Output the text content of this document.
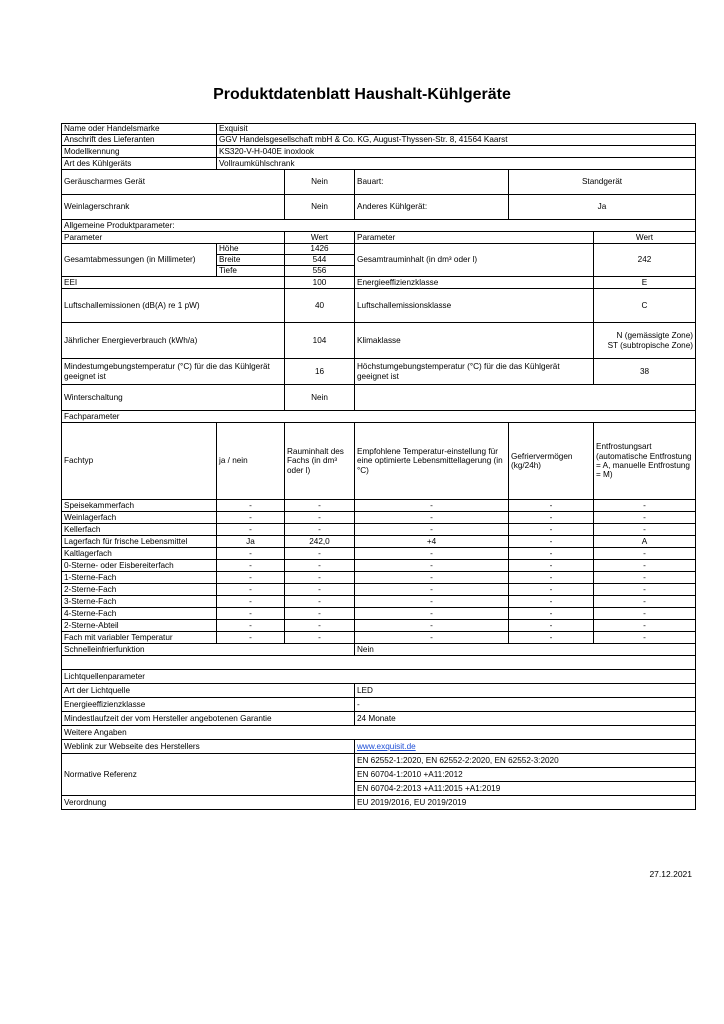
Produktdatenblatt Haushalt-Kühlgeräte
Name oder Handelsmarke	Exquisit				
Anschrift des Lieferanten	GGV Handelsgesellschaft mbH & Co. KG, August-Thyssen-Str. 8, 41564 Kaarst				
Modellkennung	KS320-V-H-040E inoxlook				
Art des Kühlgeräts	Vollraumkühlschrank				
Geräuscharmes Gerät		Nein	Bauart:	Standgerät	
Weinlagerschrank		Nein	Anderes Kühlgerät:	Ja	
Allgemeine Produktparameter:					
Parameter		Wert	Parameter		Wert
Gesamtabmessungen (in Millimeter)	Höhe	1426	Gesamtrauminhalt (in dm³ oder l)		242
	Breite	544			
	Tiefe	556			
EEI		100	Energieeffizienzklasse		E
Luftschallemissionen (dB(A) re 1 pW)		40	Luftschallemissionsklasse		C
Jährlicher Energieverbrauch (kWh/a)		104	Klimaklasse		N (gemässigte Zone)
ST (subtropische Zone)

Mindestumgebungstemperatur (°C) für die das Kühlgerät geeignet ist		16	Höchstumgebungstemperatur (°C) für die das Kühlgerät geeignet ist		38
Winterschaltung		Nein			
Fachparameter					
Fachtyp	ja / nein	Rauminhalt des Fachs (in dm³ oder l)	Empfohlene Temperatur-einstellung für eine optimierte Lebensmittellagerung (in °C)	Gefriervermögen (kg/24h)	Entfrostungsart (automatische Entfrostung = A, manuelle Entfrostung = M)
Speisekammerfach	-	-	-	-	-
Weinlagerfach	-	-	-	-	-
Kellerfach	-	-	-	-	-
Lagerfach für frische Lebensmittel	Ja	242,0	+4	-	A
Kaltlagerfach	-	-	-	-	-
0-Sterne- oder Eisbereiterfach	-	-	-	-	-
1-Sterne-Fach	-	-	-	-	-
2-Sterne-Fach	-	-	-	-	-
3-Sterne-Fach	-	-	-	-	-
4-Sterne-Fach	-	-	-	-	-
2-Sterne-Abteil	-	-	-	-	-
Fach mit variabler Temperatur	-	-	-	-	-
Schnelleinfrierfunktion			Nein		

Lichtquellenparameter					
Art der Lichtquelle			LED		
Energieeffizienzklasse			-		
Mindestlaufzeit der vom Hersteller angebotenen Garantie			24 Monate		
Weitere Angaben					
Weblink zur Webseite des Herstellers			www.exquisit.de		
Normative Referenz			EN 62552-1:2020, EN 62552-2:2020, EN 62552-3:2020		
			EN 60704-1:2010 +A11:2012		
			EN 60704-2:2013 +A11:2015 +A1:2019		
Verordnung			EU 2019/2016, EU 2019/2019		
27.12.2021
